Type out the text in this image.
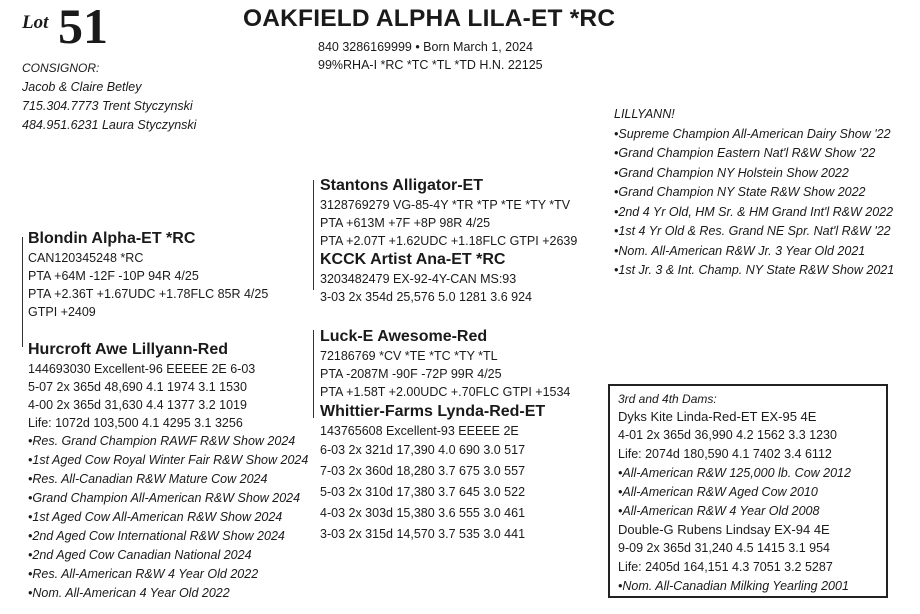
Lot 51	OAKFIELD ALPHA LILA-ET *RC
840 3286169999 • Born March 1, 2024
99%RHA-I *RC *TC *TL *TD H.N. 22125
CONSIGNOR:
Jacob & Claire Betley
715.304.7773 Trent Styczynski
484.951.6231 Laura Styczynski
LILLYANN!
•Supreme Champion All-American Dairy Show '22
•Grand Champion Eastern Nat'l R&W Show '22
•Grand Champion NY Holstein Show 2022
•Grand Champion NY State R&W Show 2022
•2nd 4 Yr Old, HM Sr. & HM Grand Int'l R&W 2022
•1st 4 Yr Old & Res. Grand NE Spr. Nat'l R&W '22
•Nom. All-American R&W Jr. 3 Year Old 2021
•1st Jr. 3 & Int. Champ. NY State R&W Show 2021
Blondin Alpha-ET *RC
CAN120345248 *RC
PTA +64M -12F -10P 94R 4/25
PTA +2.36T +1.67UDC +1.78FLC 85R 4/25
GTPI +2409
Stantons Alligator-ET
3128769279 VG-85-4Y *TR *TP *TE *TY *TV
PTA +613M +7F +8P 98R 4/25
PTA +2.07T +1.62UDC +1.18FLC GTPI +2639
KCCK Artist Ana-ET *RC
3203482479 EX-92-4Y-CAN MS:93
3-03 2x 354d 25,576 5.0 1281 3.6 924
Hurcroft Awe Lillyann-Red
144693030 Excellent-96 EEEEE 2E 6-03
5-07 2x 365d 48,690 4.1 1974 3.1 1530
4-00 2x 365d 31,630 4.4 1377 3.2 1019
Life: 1072d 103,500 4.1 4295 3.1 3256
•Res. Grand Champion RAWF R&W Show 2024
•1st Aged Cow Royal Winter Fair R&W Show 2024
•Res. All-Canadian R&W Mature Cow 2024
•Grand Champion All-American R&W Show 2024
•1st Aged Cow All-American R&W Show 2024
•2nd Aged Cow International R&W Show 2024
•2nd Aged Cow Canadian National 2024
•Res. All-American R&W 4 Year Old 2022
•Nom. All-American 4 Year Old 2022
Luck-E Awesome-Red
72186769 *CV *TE *TC *TY *TL
PTA -2087M -90F -72P 99R 4/25
PTA +1.58T +2.00UDC +.70FLC GTPI +1534
Whittier-Farms Lynda-Red-ET
143765608 Excellent-93 EEEEE 2E
6-03 2x 321d 17,390 4.0 690 3.0 517
7-03 2x 360d 18,280 3.7 675 3.0 557
5-03 2x 310d 17,380 3.7 645 3.0 522
4-03 2x 303d 15,380 3.6 555 3.0 461
3-03 2x 315d 14,570 3.7 535 3.0 441
3rd and 4th Dams:
Dyks Kite Linda-Red-ET EX-95 4E
4-01 2x 365d 36,990 4.2 1562 3.3 1230
Life: 2074d 180,590 4.1 7402 3.4 6112
•All-American R&W 125,000 lb. Cow 2012
•All-American R&W Aged Cow 2010
•All-American R&W 4 Year Old 2008
Double-G Rubens Lindsay EX-94 4E
9-09 2x 365d 31,240 4.5 1415 3.1 954
Life: 2405d 164,151 4.3 7051 3.2 5287
•Nom. All-Canadian Milking Yearling 2001
